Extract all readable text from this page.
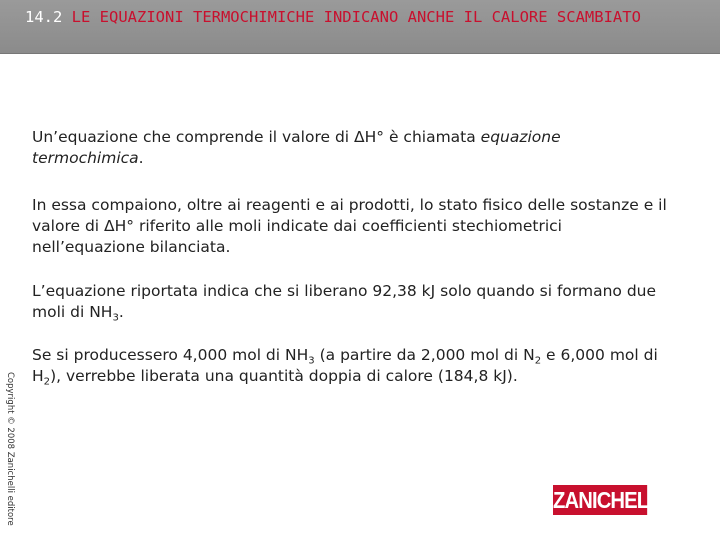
14.2 LE EQUAZIONI TERMOCHIMICHE INDICANO ANCHE IL CALORE SCAMBIATO
Un’equazione che comprende il valore di ΔH° è chiamata equazione termochimica.
In essa compaiono, oltre ai reagenti e ai prodotti, lo stato fisico delle sostanze e il valore di ΔH° riferito alle moli indicate dai coefficienti stechiometrici nell’equazione bilanciata.
L’equazione riportata indica che si liberano 92,38 kJ solo quando si formano due moli di $NH_3$.
Se si producessero 4,000 mol di $NH_3$ (a partire da 2,000 mol di $N_2$ e 6,000 mol di $H_2$), verrebbe liberata una quantità doppia di calore (184,8 kJ).
Copyright © 2008 Zanichelli editore	ZANICHELLI
